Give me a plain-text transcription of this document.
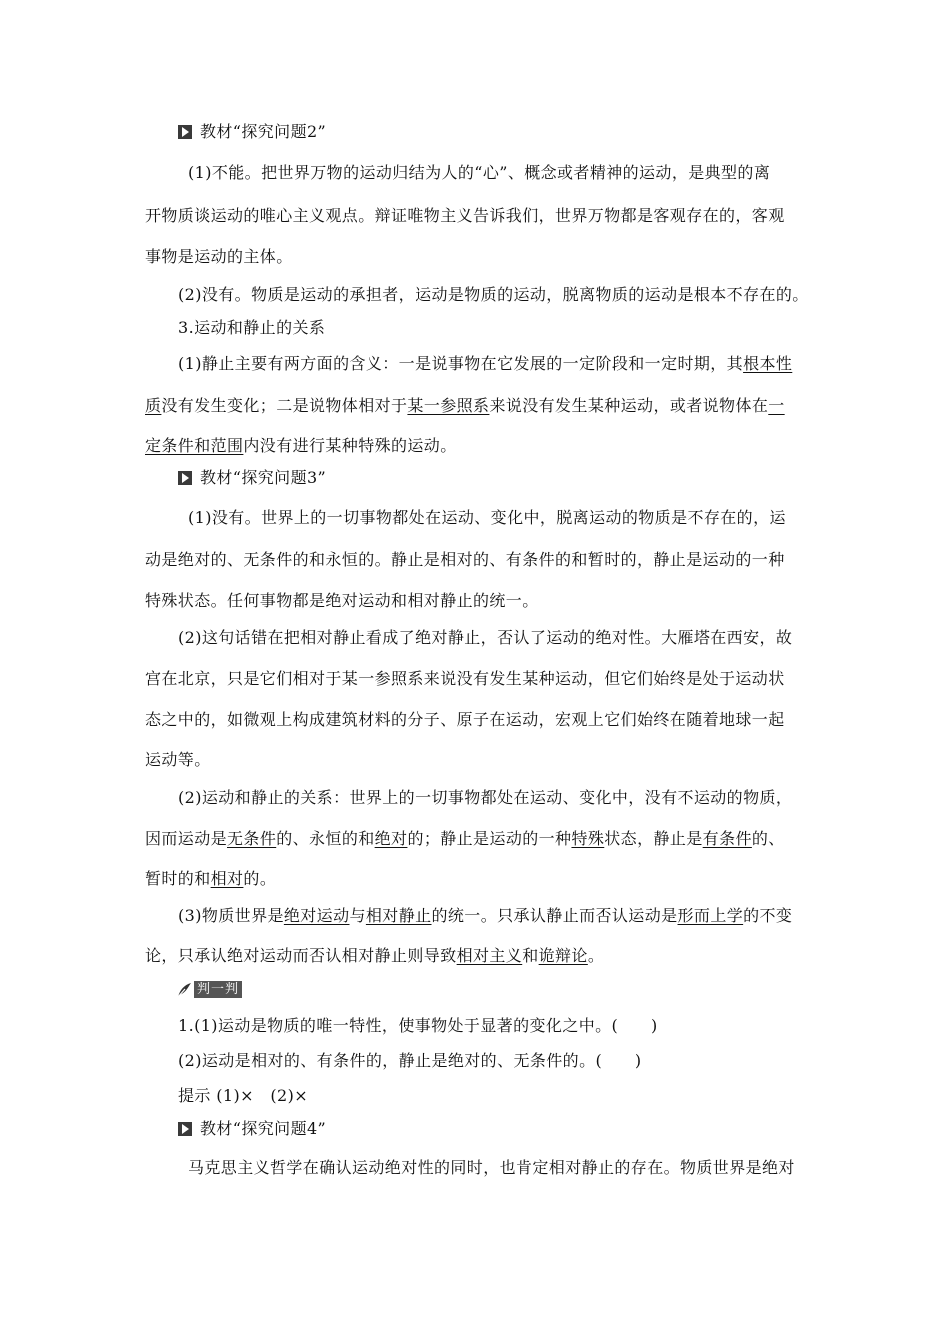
教材“探究问题2”
(1)不能。把世界万物的运动归结为人的“心”、概念或者精神的运动，是典型的离
开物质谈运动的唯心主义观点。辩证唯物主义告诉我们，世界万物都是客观存在的，客观
事物是运动的主体。
(2)没有。物质是运动的承担者，运动是物质的运动，脱离物质的运动是根本不存在的。
3.运动和静止的关系
(1)静止主要有两方面的含义：一是说事物在它发展的一定阶段和一定时期，其根本性
质没有发生变化；二是说物体相对于某一参照系来说没有发生某种运动，或者说物体在一
定条件和范围内没有进行某种特殊的运动。
教材“探究问题3”
(1)没有。世界上的一切事物都处在运动、变化中，脱离运动的物质是不存在的，运
动是绝对的、无条件的和永恒的。静止是相对的、有条件的和暂时的，静止是运动的一种
特殊状态。任何事物都是绝对运动和相对静止的统一。
(2)这句话错在把相对静止看成了绝对静止，否认了运动的绝对性。大雁塔在西安，故
宫在北京，只是它们相对于某一参照系来说没有发生某种运动，但它们始终是处于运动状
态之中的，如微观上构成建筑材料的分子、原子在运动，宏观上它们始终在随着地球一起
运动等。
(2)运动和静止的关系：世界上的一切事物都处在运动、变化中，没有不运动的物质，
因而运动是无条件的、永恒的和绝对的；静止是运动的一种特殊状态，静止是有条件的、
暂时的和相对的。
(3)物质世界是绝对运动与相对静止的统一。只承认静止而否认运动是形而上学的不变
论，只承认绝对运动而否认相对静止则导致相对主义和诡辩论。
判一判
1.(1)运动是物质的唯一特性，使事物处于显著的变化之中。(　　)
(2)运动是相对的、有条件的，静止是绝对的、无条件的。(　　)
提示 (1)×　(2)×
教材“探究问题4”
马克思主义哲学在确认运动绝对性的同时，也肯定相对静止的存在。物质世界是绝对
